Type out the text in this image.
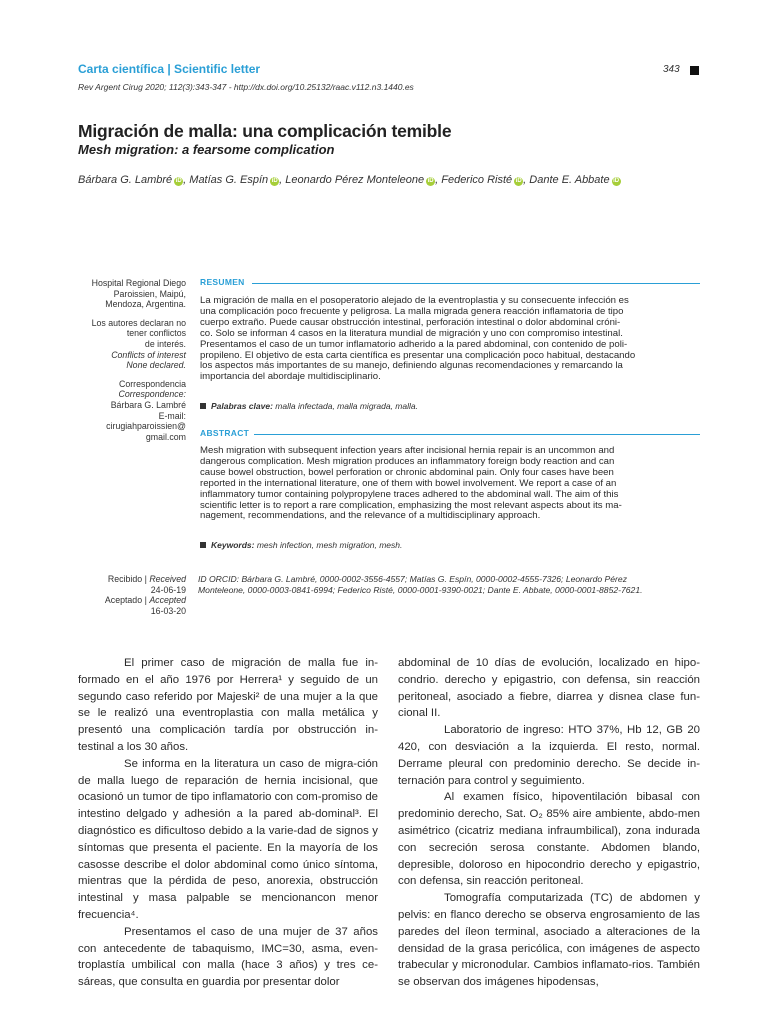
Carta científica | Scientific letter	343
Rev Argent Cirug 2020; 112(3):343-347 - http://dx.doi.org/10.25132/raac.v112.n3.1440.es
Migración de malla: una complicación temible
Mesh migration: a fearsome complication
Bárbara G. Lambré iD , Matías G. Espín iD , Leonardo Pérez Monteleone iD , Federico Risté iD , Dante E. Abbate iD
Hospital Regional Diego
Paroissien, Maipú,
Mendoza, Argentina.
Los autores declaran no
tener conflictos
de interés.
Conflicts of interest
None declared.
Correspondencia
Correspondence:
Bárbara G. Lambré
E-mail:
cirugiahparoissien@
gmail.com
RESUMEN
La migración de malla en el posoperatorio alejado de la eventroplastia y su consecuente infección es
una complicación poco frecuente y peligrosa. La malla migrada genera reacción inflamatoria de tipo
cuerpo extraño. Puede causar obstrucción intestinal, perforación intestinal o dolor abdominal cróni-
co. Solo se informan 4 casos en la literatura mundial de migración y uno con compromiso intestinal.
Presentamos el caso de un tumor inflamatorio adherido a la pared abdominal, con contenido de poli-
propileno. El objetivo de esta carta científica es presentar una complicación poco habitual, destacando
los aspectos más importantes de su manejo, definiendo algunas recomendaciones y remarcando la
importancia del abordaje multidisciplinario.
Palabras clave: malla infectada, malla migrada, malla.
ABSTRACT
Mesh migration with subsequent infection years after incisional hernia repair is an uncommon and
dangerous complication. Mesh migration produces an inflammatory foreign body reaction and can
cause bowel obstruction, bowel perforation or chronic abdominal pain. Only four cases have been
reported in the international literature, one of them with bowel involvement. We report a case of an
inflammatory tumor containing polypropylene traces adhered to the abdominal wall. The aim of this
scientific letter is to report a rare complication, emphasizing the most relevant aspects about its ma-
nagement, recommendations, and the relevance of a multidisciplinary approach.
Keywords: mesh infection, mesh migration, mesh.
Recibido | Received
24-06-19
Aceptado | Accepted
16-03-20
ID ORCID: Bárbara G. Lambré, 0000-0002-3556-4557; Matías G. Espín, 0000-0002-4555-7326; Leonardo Pérez
Monteleone, 0000-0003-0841-6994; Federico Risté, 0000-0001-9390-0021; Dante E. Abbate, 0000-0001-8852-7621.

El primer caso de migración de malla fue in-formado en el año 1976 por Herrera¹ y seguido de un segundo caso referido por Majeski² de una mujer a la que se le realizó una eventroplastia con malla metálica y presentó una complicación tardía por obstrucción in-testinal a los 30 años.

Se informa en la literatura un caso de migra-ción de malla luego de reparación de hernia incisional, que ocasionó un tumor de tipo inflamatorio con com-promiso de intestino delgado y adhesión a la pared ab-dominal³. El diagnóstico es dificultoso debido a la varie-dad de signos y síntomas que presenta el paciente. En la mayoría de los casosse describe el dolor abdominal como único síntoma, mientras que la pérdida de peso, anorexia, obstrucción intestinal y masa palpable se mencionancon menor frecuencia⁴.

Presentamos el caso de una mujer de 37 años con antecedente de tabaquismo, IMC=30, asma, even-troplastía umbilical con malla (hace 3 años) y tres ce-sáreas, que consulta en guardia por presentar dolor

abdominal de 10 días de evolución, localizado en hipo-condrio. derecho y epigastrio, con defensa, sin reacción peritoneal, asociado a fiebre, diarrea y disnea clase fun-cional II.

Laboratorio de ingreso: HTO 37%, Hb 12, GB 20 420, con desviación a la izquierda. El resto, normal. Derrame pleural con predominio derecho. Se decide in-ternación para control y seguimiento.

Al examen físico, hipoventilación bibasal con predominio derecho, Sat. O₂ 85% aire ambiente, abdo-men asimétrico (cicatriz mediana infraumbilical), zona indurada con secreción serosa constante. Abdomen blando, depresible, doloroso en hipocondrio derecho y epigastrio, con defensa, sin reacción peritoneal.

Tomografía computarizada (TC) de abdomen y pelvis: en flanco derecho se observa engrosamiento de las paredes del íleon terminal, asociado a alteraciones de la densidad de la grasa pericólica, con imágenes de aspecto trabecular y micronodular. Cambios inflamato-rios. También se observan dos imágenes hipodensas,
